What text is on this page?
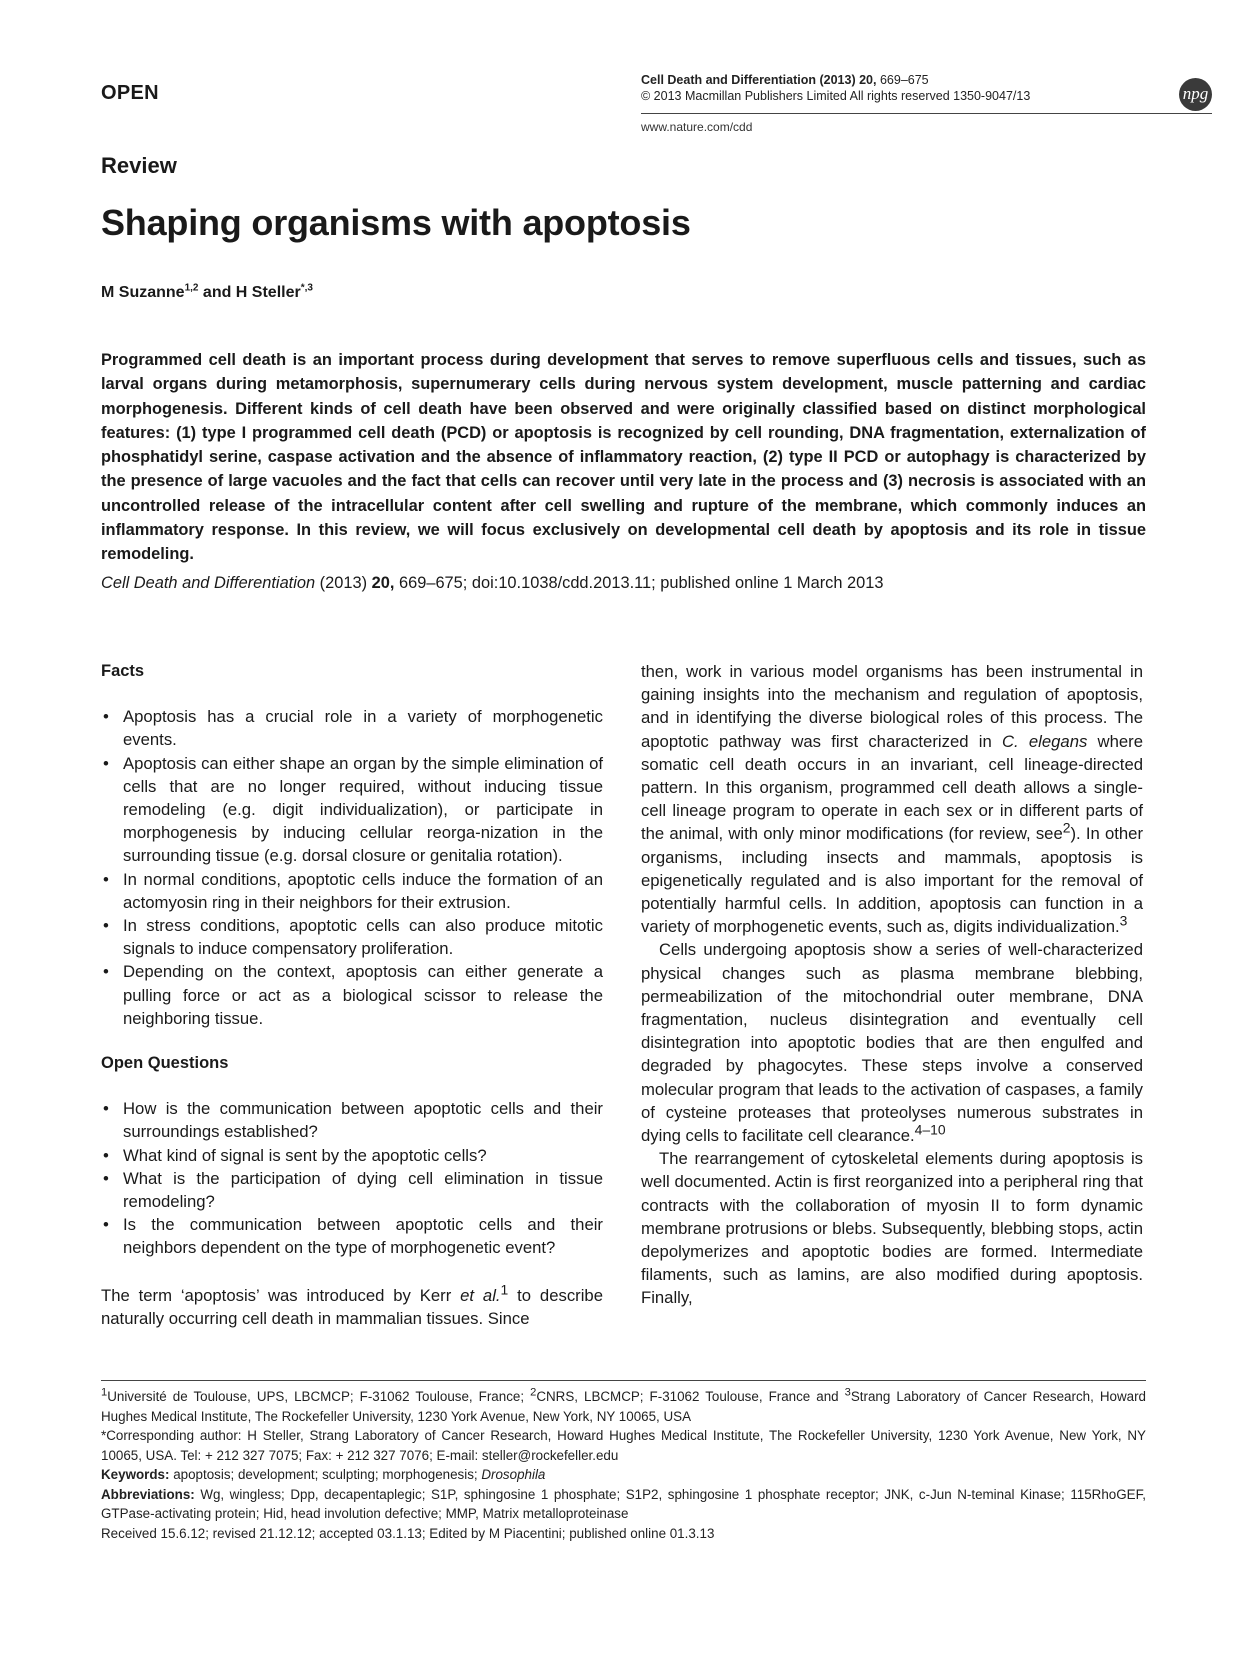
OPEN
Cell Death and Differentiation (2013) 20, 669–675
© 2013 Macmillan Publishers Limited All rights reserved 1350-9047/13
www.nature.com/cdd
npg
Review
Shaping organisms with apoptosis
M Suzanne$^{1,2}$ and H Steller$^{*,3}$
Programmed cell death is an important process during development that serves to remove superfluous cells and tissues, such as larval organs during metamorphosis, supernumerary cells during nervous system development, muscle patterning and cardiac morphogenesis. Different kinds of cell death have been observed and were originally classified based on distinct morphological features: (1) type I programmed cell death (PCD) or apoptosis is recognized by cell rounding, DNA fragmentation, externalization of phosphatidyl serine, caspase activation and the absence of inflammatory reaction, (2) type II PCD or autophagy is characterized by the presence of large vacuoles and the fact that cells can recover until very late in the process and (3) necrosis is associated with an uncontrolled release of the intracellular content after cell swelling and rupture of the membrane, which commonly induces an inflammatory response. In this review, we will focus exclusively on developmental cell death by apoptosis and its role in tissue remodeling.
Cell Death and Differentiation (2013) 20, 669–675; doi:10.1038/cdd.2013.11; published online 1 March 2013

Facts

• Apoptosis has a crucial role in a variety of morphogenetic events.
• Apoptosis can either shape an organ by the simple elimination of cells that are no longer required, without inducing tissue remodeling (e.g. digit individualization), or participate in morphogenesis by inducing cellular reorga-nization in the surrounding tissue (e.g. dorsal closure or genitalia rotation).
• In normal conditions, apoptotic cells induce the formation of an actomyosin ring in their neighbors for their extrusion.
• In stress conditions, apoptotic cells can also produce mitotic signals to induce compensatory proliferation.
• Depending on the context, apoptosis can either generate a pulling force or act as a biological scissor to release the neighboring tissue.

Open Questions

• How is the communication between apoptotic cells and their surroundings established?
• What kind of signal is sent by the apoptotic cells?
• What is the participation of dying cell elimination in tissue remodeling?
• Is the communication between apoptotic cells and their neighbors dependent on the type of morphogenetic event?

The term ‘apoptosis’ was introduced by Kerr et al.$^1$ to describe naturally occurring cell death in mammalian tissues. Since

then, work in various model organisms has been instrumental in gaining insights into the mechanism and regulation of apoptosis, and in identifying the diverse biological roles of this process. The apoptotic pathway was first characterized in C. elegans where somatic cell death occurs in an invariant, cell lineage-directed pattern. In this organism, programmed cell death allows a single-cell lineage program to operate in each sex or in different parts of the animal, with only minor modifications (for review, see$^2$). In other organisms, including insects and mammals, apoptosis is epigenetically regulated and is also important for the removal of potentially harmful cells. In addition, apoptosis can function in a variety of morphogenetic events, such as, digits individualization.$^3$

Cells undergoing apoptosis show a series of well-characterized physical changes such as plasma membrane blebbing, permeabilization of the mitochondrial outer membrane, DNA fragmentation, nucleus disintegration and eventually cell disintegration into apoptotic bodies that are then engulfed and degraded by phagocytes. These steps involve a conserved molecular program that leads to the activation of caspases, a family of cysteine proteases that proteolyses numerous substrates in dying cells to facilitate cell clearance.$^{4-10}$

The rearrangement of cytoskeletal elements during apoptosis is well documented. Actin is first reorganized into a peripheral ring that contracts with the collaboration of myosin II to form dynamic membrane protrusions or blebs. Subsequently, blebbing stops, actin depolymerizes and apoptotic bodies are formed. Intermediate filaments, such as lamins, are also modified during apoptosis. Finally,

$^1$Université de Toulouse, UPS, LBCMCP; F-31062 Toulouse, France; $^2$CNRS, LBCMCP; F-31062 Toulouse, France and $^3$Strang Laboratory of Cancer Research, Howard Hughes Medical Institute, The Rockefeller University, 1230 York Avenue, New York, NY 10065, USA

*Corresponding author: H Steller, Strang Laboratory of Cancer Research, Howard Hughes Medical Institute, The Rockefeller University, 1230 York Avenue, New York, NY 10065, USA. Tel: + 212 327 7075; Fax: + 212 327 7076; E-mail: steller@rockefeller.edu

Keywords: apoptosis; development; sculpting; morphogenesis; Drosophila

Abbreviations: Wg, wingless; Dpp, decapentaplegic; S1P, sphingosine 1 phosphate; S1P2, sphingosine 1 phosphate receptor; JNK, c-Jun N-teminal Kinase; 115RhoGEF, GTPase-activating protein; Hid, head involution defective; MMP, Matrix metalloproteinase

Received 15.6.12; revised 21.12.12; accepted 03.1.13; Edited by M Piacentini; published online 01.3.13
